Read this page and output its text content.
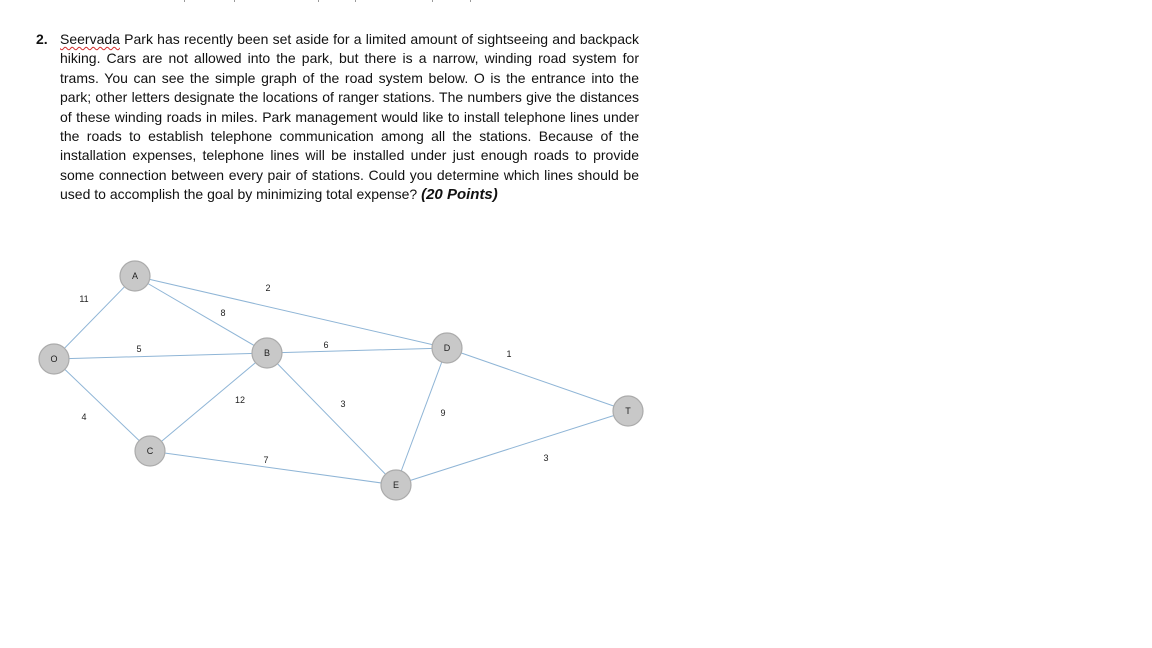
2. Seervada Park has recently been set aside for a limited amount of sightseeing and backpack hiking. Cars are not allowed into the park, but there is a narrow, winding road system for trams. You can see the simple graph of the road system below. O is the entrance into the park; other letters designate the locations of ranger stations. The numbers give the distances of these winding roads in miles. Park management would like to install telephone lines under the roads to establish telephone communication among all the stations. Because of the installation expenses, telephone lines will be installed under just enough roads to provide some connection between every pair of stations. Could you determine which lines should be used to accomplish the goal by minimizing total expense? (20 Points)
11
5
4
8
2
12
6
3
7
9
1
3
O
A
B
C
D
E
T
